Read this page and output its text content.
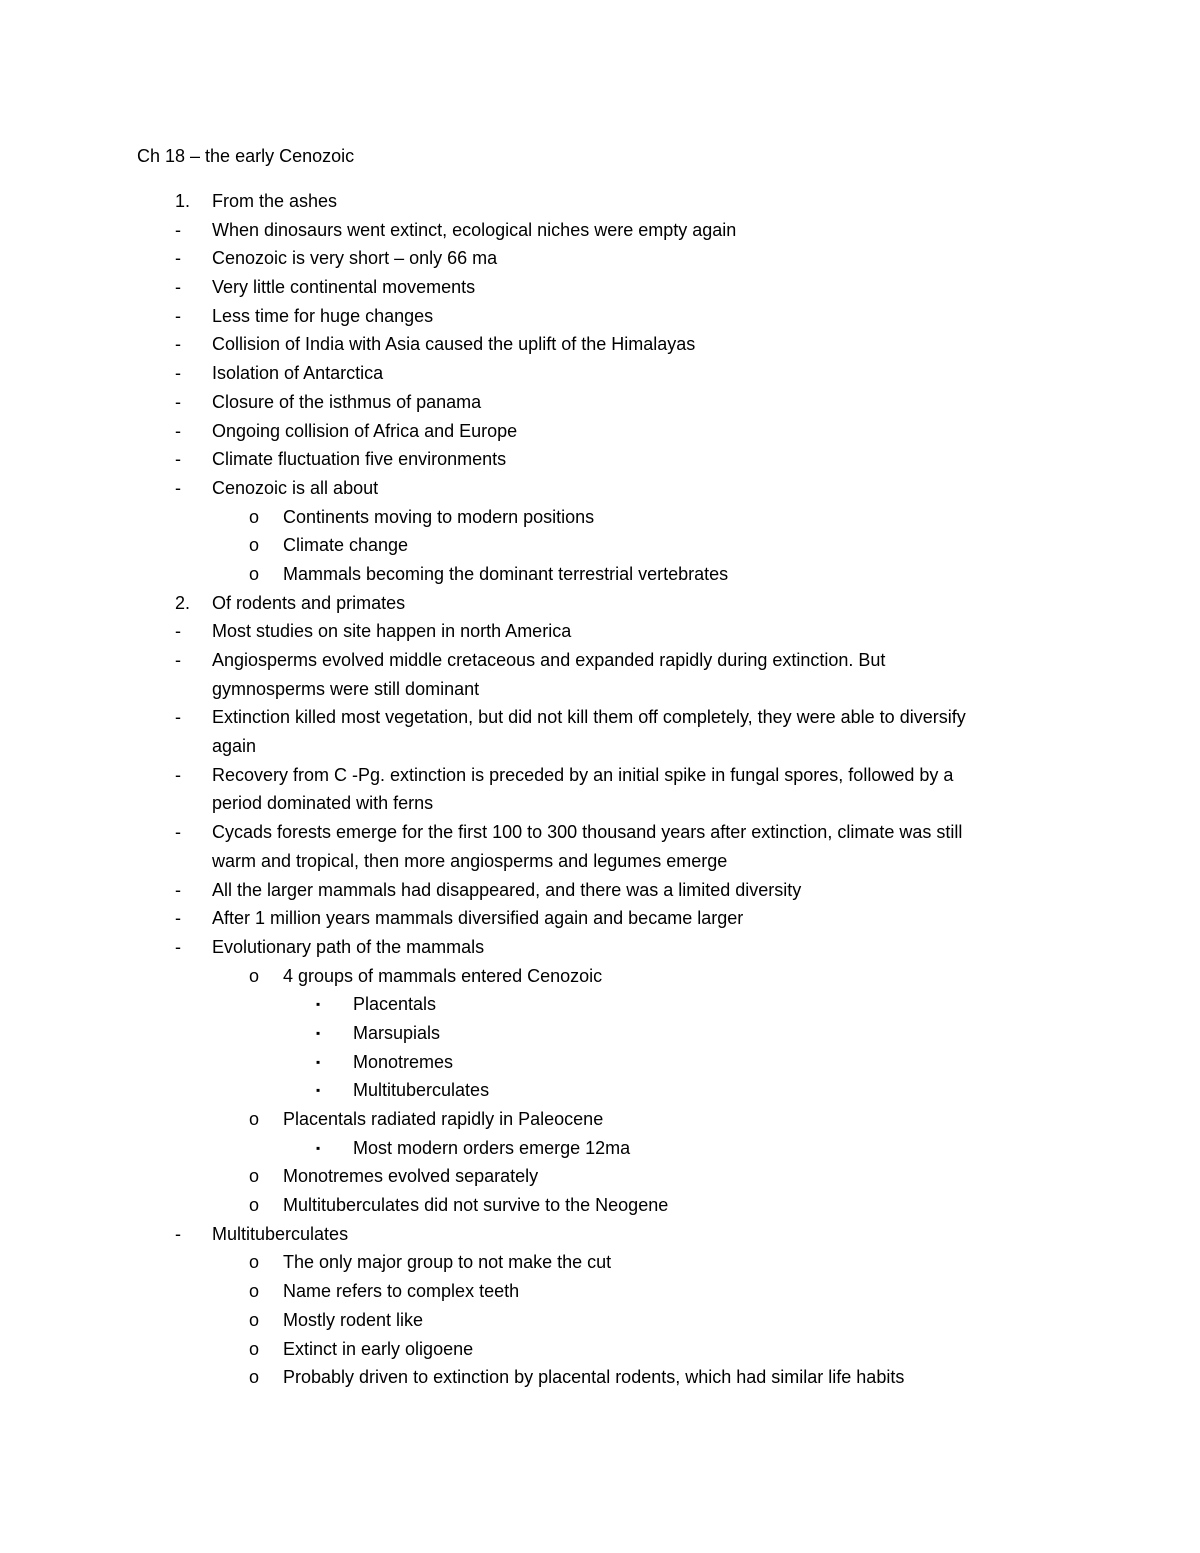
Ch 18 – the early Cenozoic
1. From the ashes
- When dinosaurs went extinct, ecological niches were empty again
- Cenozoic is very short – only 66 ma
- Very little continental movements
- Less time for huge changes
- Collision of India with Asia caused the uplift of the Himalayas
- Isolation of Antarctica
- Closure of the isthmus of panama
- Ongoing collision of Africa and Europe
- Climate fluctuation five environments
- Cenozoic is all about
o Continents moving to modern positions
o Climate change
o Mammals becoming the dominant terrestrial vertebrates
2. Of rodents and primates
- Most studies on site happen in north America
- Angiosperms evolved middle cretaceous and expanded rapidly during extinction. But
gymnosperms were still dominant
- Extinction killed most vegetation, but did not kill them off completely, they were able to diversify
again
- Recovery from C -Pg. extinction is preceded by an initial spike in fungal spores, followed by a
period dominated with ferns
- Cycads forests emerge for the first 100 to 300 thousand years after extinction, climate was still
warm and tropical, then more angiosperms and legumes emerge
- All the larger mammals had disappeared, and there was a limited diversity
- After 1 million years mammals diversified again and became larger
- Evolutionary path of the mammals
o 4 groups of mammals entered Cenozoic
▪ Placentals
▪ Marsupials
▪ Monotremes
▪ Multituberculates
o Placentals radiated rapidly in Paleocene
▪ Most modern orders emerge 12ma
o Monotremes evolved separately
o Multituberculates did not survive to the Neogene
- Multituberculates
o The only major group to not make the cut
o Name refers to complex teeth
o Mostly rodent like
o Extinct in early oligoene
o Probably driven to extinction by placental rodents, which had similar life habits
